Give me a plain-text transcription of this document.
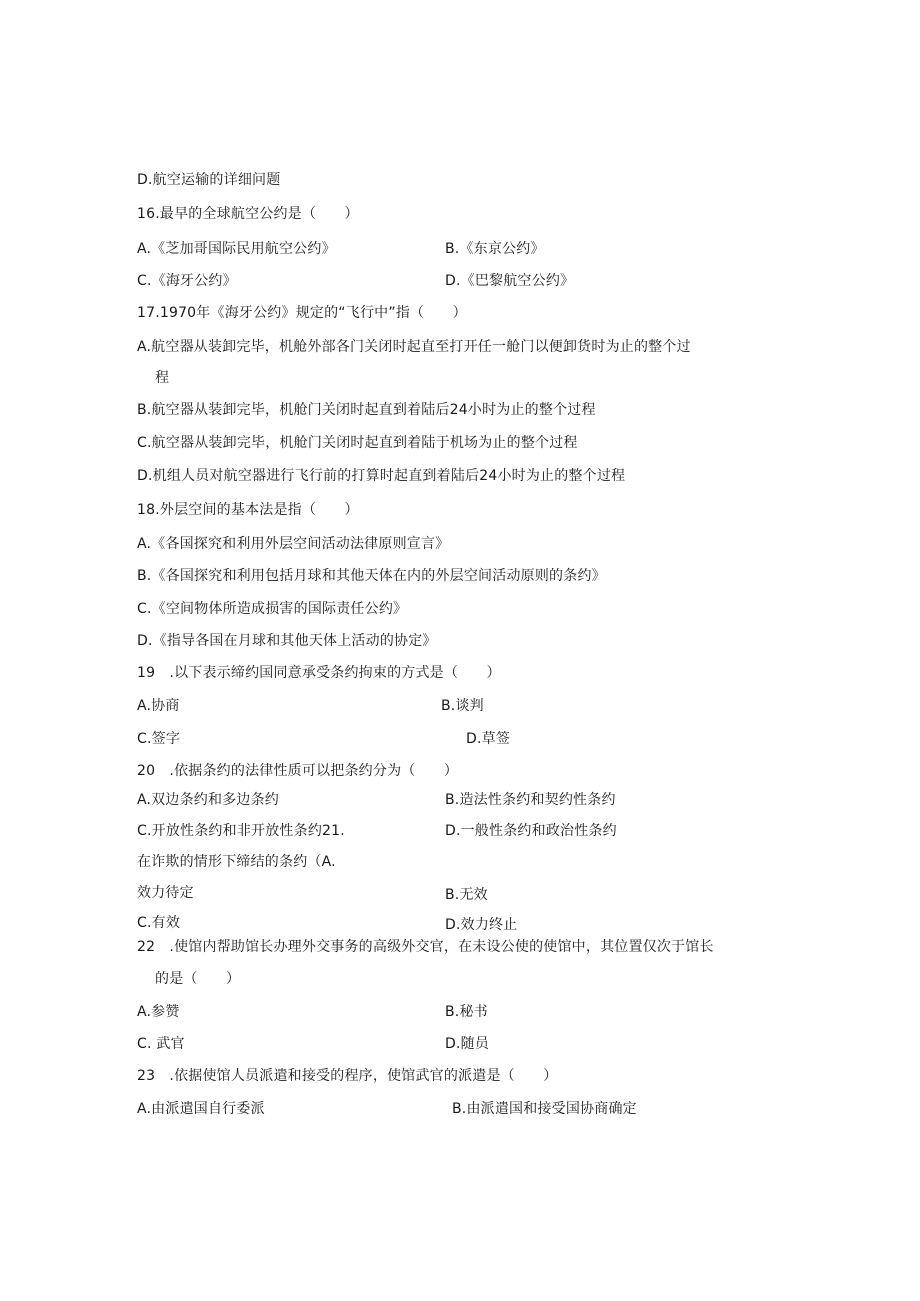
D.航空运输的详细问题
16.最早的全球航空公约是（　　）
A.《芝加哥国际民用航空公约》	B.《东京公约》
C.《海牙公约》	D.《巴黎航空公约》
17.1970年《海牙公约》规定的“飞行中”指（　　）
A.航空器从装卸完毕，机舱外部各门关闭时起直至打开任一舱门以便卸货时为止的整个过
程
B.航空器从装卸完毕，机舱门关闭时起直到着陆后24小时为止的整个过程
C.航空器从装卸完毕，机舱门关闭时起直到着陆于机场为止的整个过程
D.机组人员对航空器进行飞行前的打算时起直到着陆后24小时为止的整个过程
18.外层空间的基本法是指（　　）
A.《各国探究和利用外层空间活动法律原则宣言》
B.《各国探究和利用包括月球和其他天体在内的外层空间活动原则的条约》
C.《空间物体所造成损害的国际责任公约》
D.《指导各国在月球和其他天体上活动的协定》
19　.以下表示缔约国同意承受条约拘束的方式是（　　）
A.协商	B.谈判
C.签字	D.草签
20　.依据条约的法律性质可以把条约分为（　　）
A.双边条约和多边条约	B.造法性条约和契约性条约
C.开放性条约和非开放性条约21.	D.一般性条约和政治性条约
在诈欺的情形下缔结的条约（A.
效力待定	B.无效
C.有效	D.效力终止
22　.使馆内帮助馆长办理外交事务的高级外交官，在未设公使的使馆中，其位置仅次于馆长
的是（　　）
A.参赞	B.秘书
C. 武官	D.随员
23　.依据使馆人员派遣和接受的程序，使馆武官的派遣是（　　）
A.由派遣国自行委派	B.由派遣国和接受国协商确定
